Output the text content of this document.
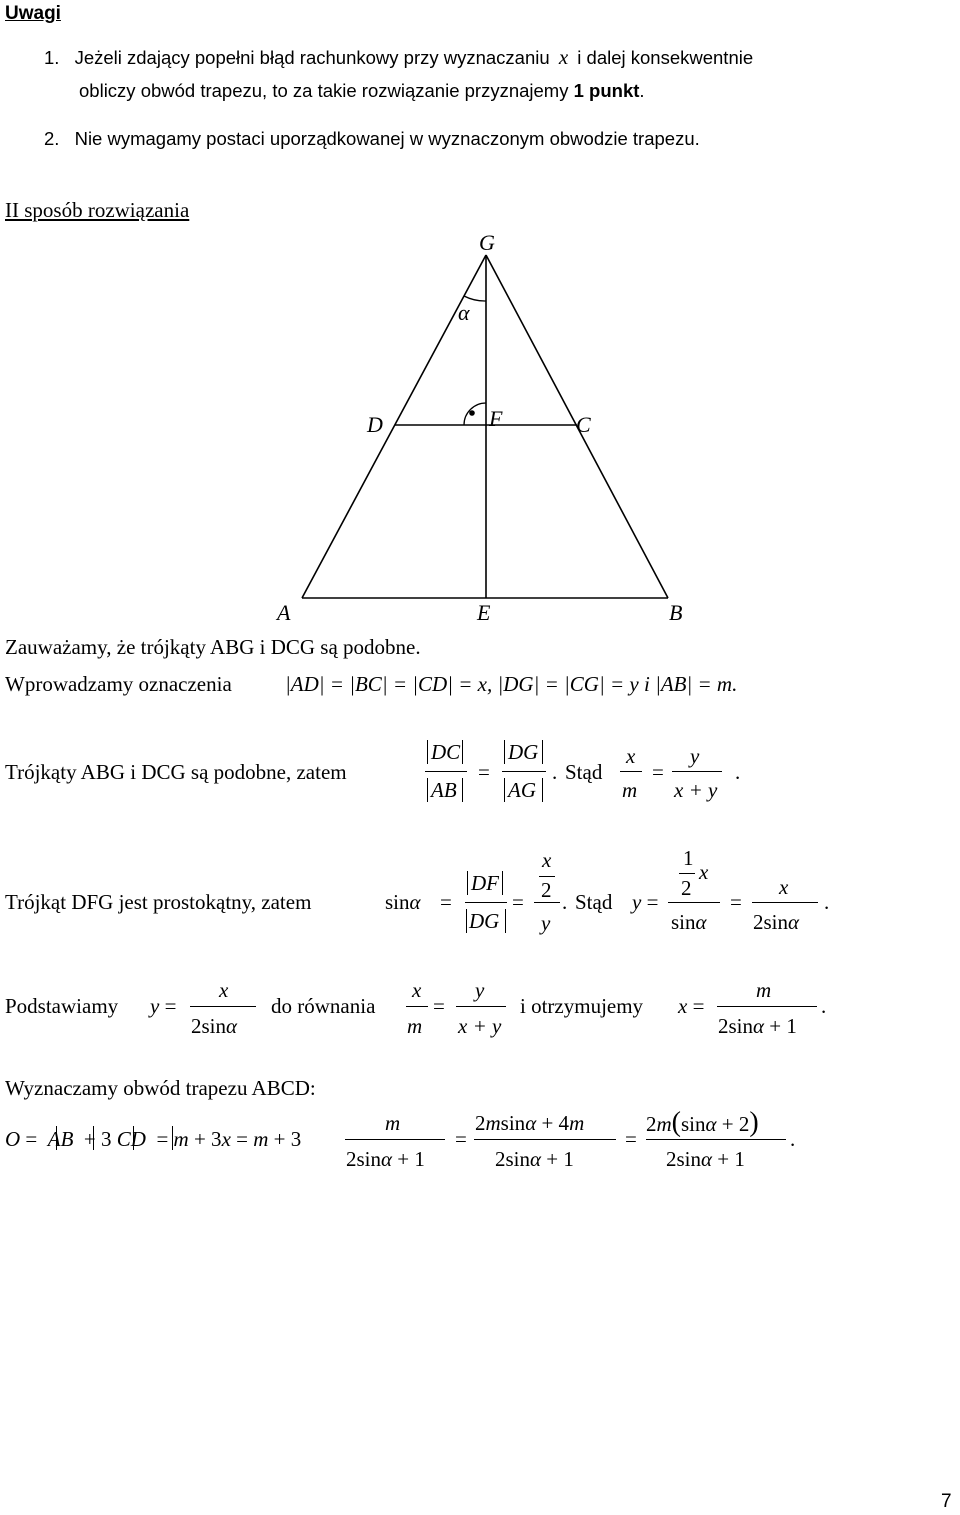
Uwagi
1. Jeżeli zdający popełni błąd rachunkowy przy wyznaczaniu x i dalej konsekwentnie
obliczy obwód trapezu, to za takie rozwiązanie przyznajemy 1 punkt.
2. Nie wymagamy postaci uporządkowanej w wyznaczonym obwodzie trapezu.
II sposób rozwiązania
G
α
D	F	C
A	E	B
Zauważamy, że trójkąty ABG i DCG są podobne.
Wprowadzamy oznaczenia	|AD| = |BC| = |CD| = x, |DG| = |CG| = y i |AB| = m.
Trójkąty ABG i DCG są podobne, zatem
DC
AB
=
DG
AG
. Stąd
x
m
=
y
x + y
.
Trójkąt DFG jest prostokątny, zatem	sinα =
DF
DG
=
x
2
y
. Stąd y =
1
2
x
sinα
=
x
2sinα
.
Podstawiamy y =
x
2sinα
do równania
x
m
=
y
x + y
i otrzymujemy x =
m
2sinα + 1
.
Wyznaczamy obwód trapezu ABCD:
O =  AB  + 3 CD  = m + 3x = m + 3
m
2sinα + 1
=
2msinα + 4m
2sinα + 1
=
2m(sinα + 2)
2sinα + 1
.
7
